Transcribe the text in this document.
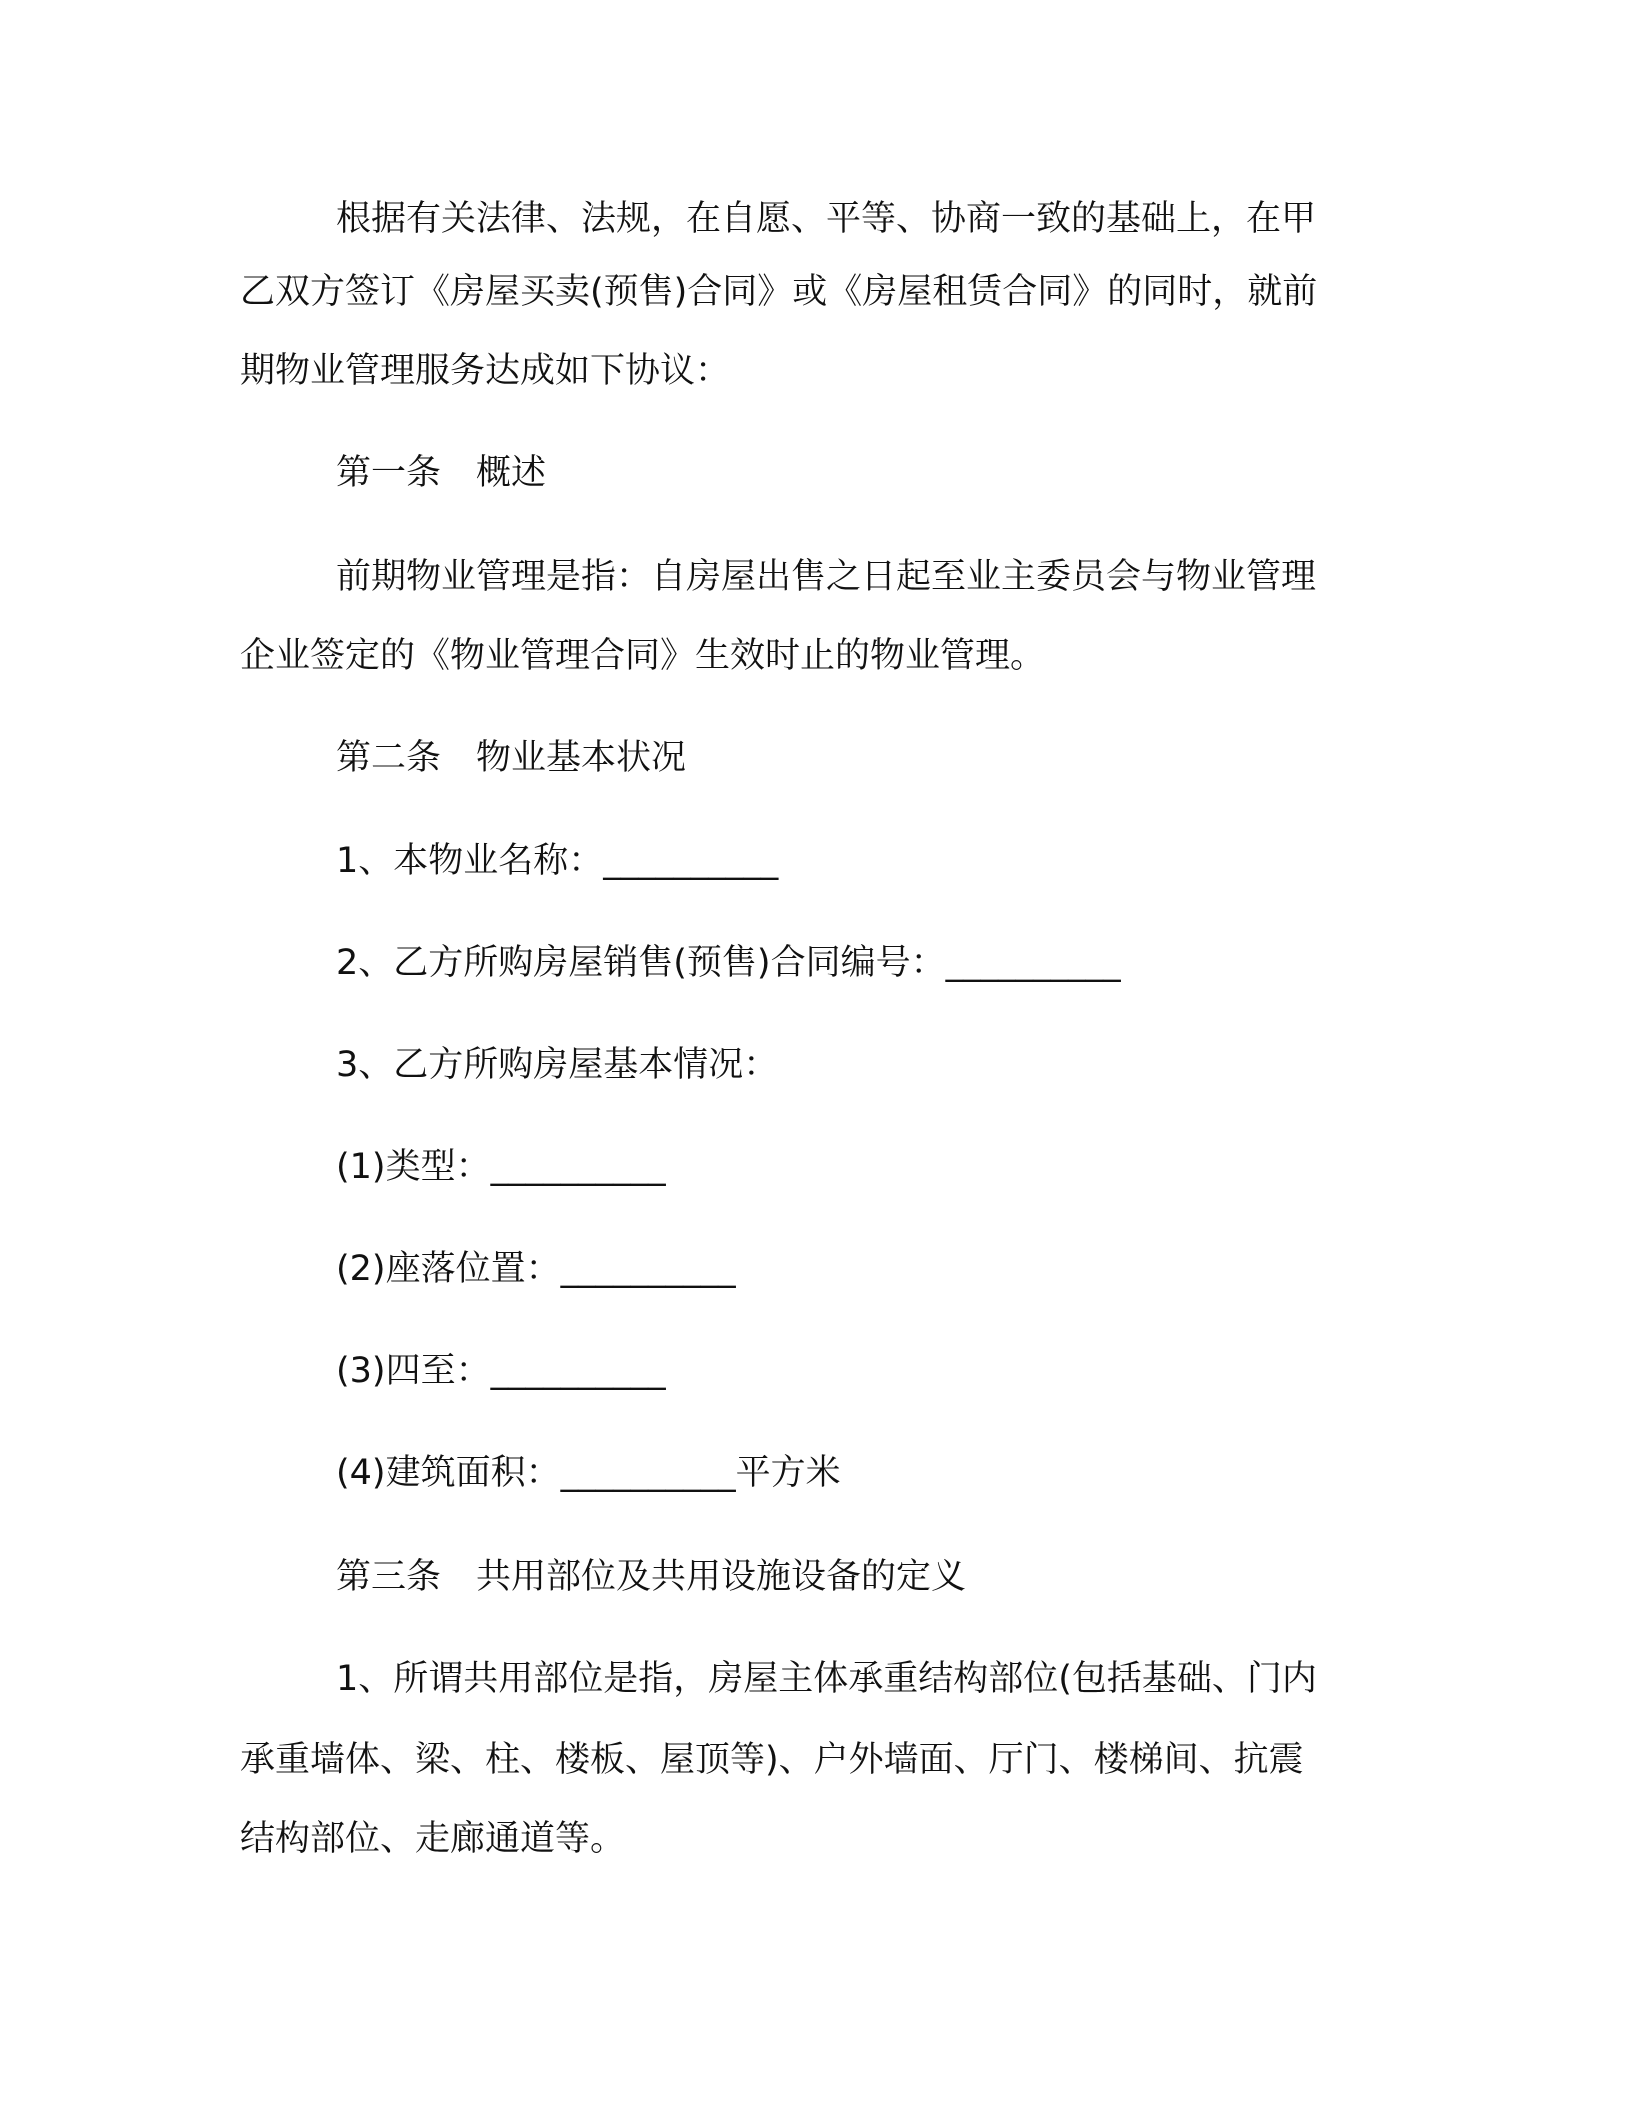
根据有关法律、法规，在自愿、平等、协商一致的基础上，在甲
乙双方签订《房屋买卖(预售)合同》或《房屋租赁合同》的同时，就前
期物业管理服务达成如下协议：
第一条　概述
前期物业管理是指：自房屋出售之日起至业主委员会与物业管理
企业签定的《物业管理合同》生效时止的物业管理。
第二条　物业基本状况
1、本物业名称：__________
2、乙方所购房屋销售(预售)合同编号：__________
3、乙方所购房屋基本情况：
(1)类型：__________
(2)座落位置：__________
(3)四至：__________
(4)建筑面积：__________平方米
第三条　共用部位及共用设施设备的定义
1、所谓共用部位是指，房屋主体承重结构部位(包括基础、门内
承重墙体、梁、柱、楼板、屋顶等)、户外墙面、厅门、楼梯间、抗震
结构部位、走廊通道等。
